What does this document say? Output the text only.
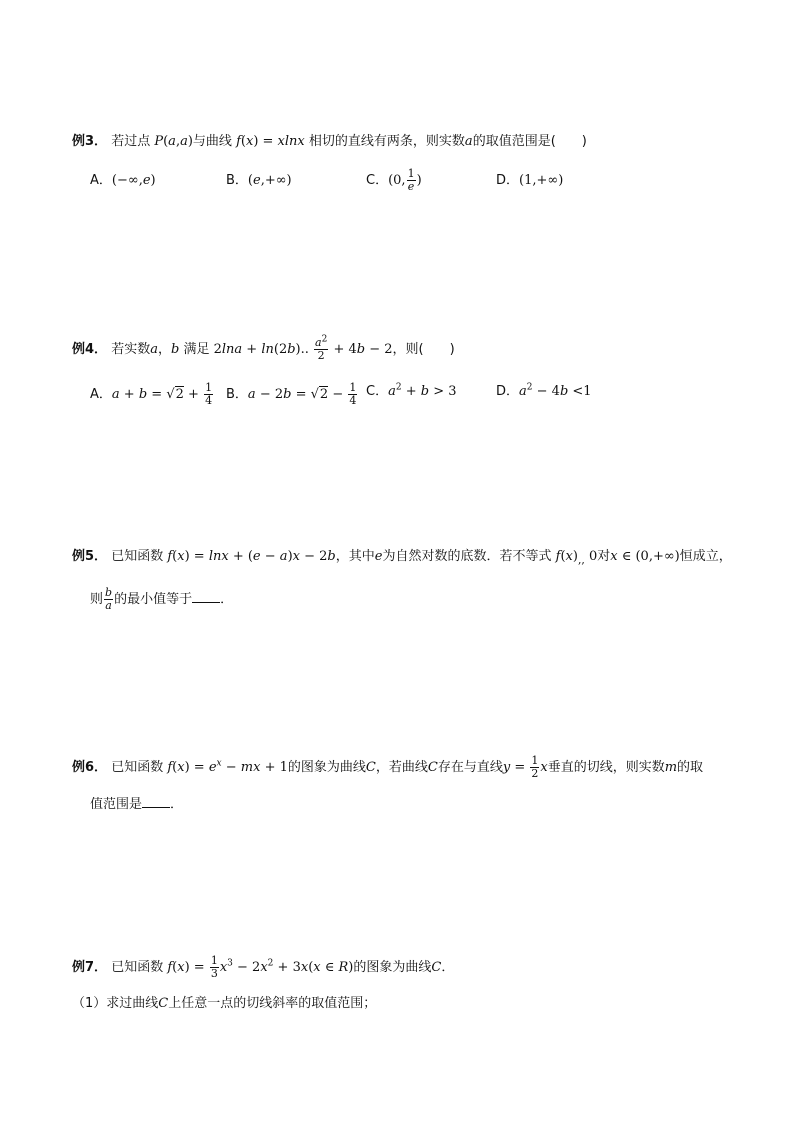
例3． 若过点 P(a,a)与曲线 f(x) = xlnx 相切的直线有两条，则实数a的取值范围是(　　)
A．(−∞,e)	B．(e,+∞)	C．(0, $\frac{1}{e}$ )	D．(1,+∞)
例4． 若实数a，b 满足 2lna + ln(2b).. $\frac{a^2}{2} + 4b - 2$，则(　　)
A．$a + b = √2 + \frac{1}{4}$ B．$a - 2b = √2 - \frac{1}{4}$ C．$a^2 + b > 3$	D．$a^2 - 4b <1$
例5． 已知函数 f(x) = lnx + (e − a)x − 2b，其中e为自然对数的底数．若不等式 $f(x)_{,,}$ 0对x ∈ (0,+∞)恒成立，
则 $\frac{b}{a}$ 的最小值等于 ．
例6． 已知函数 $f(x) = e^x$ − mx + 1的图象为曲线C，若曲线C存在与直线$y = \frac{1}{2}$ x垂直的切线，则实数m的取
值范围是 ．
例7． 已知函数 $f(x) = \frac{1}{3} x^3 - 2x^2 + 3x(x$ ∈ R)的图象为曲线C．
（1）求过曲线C上任意一点的切线斜率的取值范围；
